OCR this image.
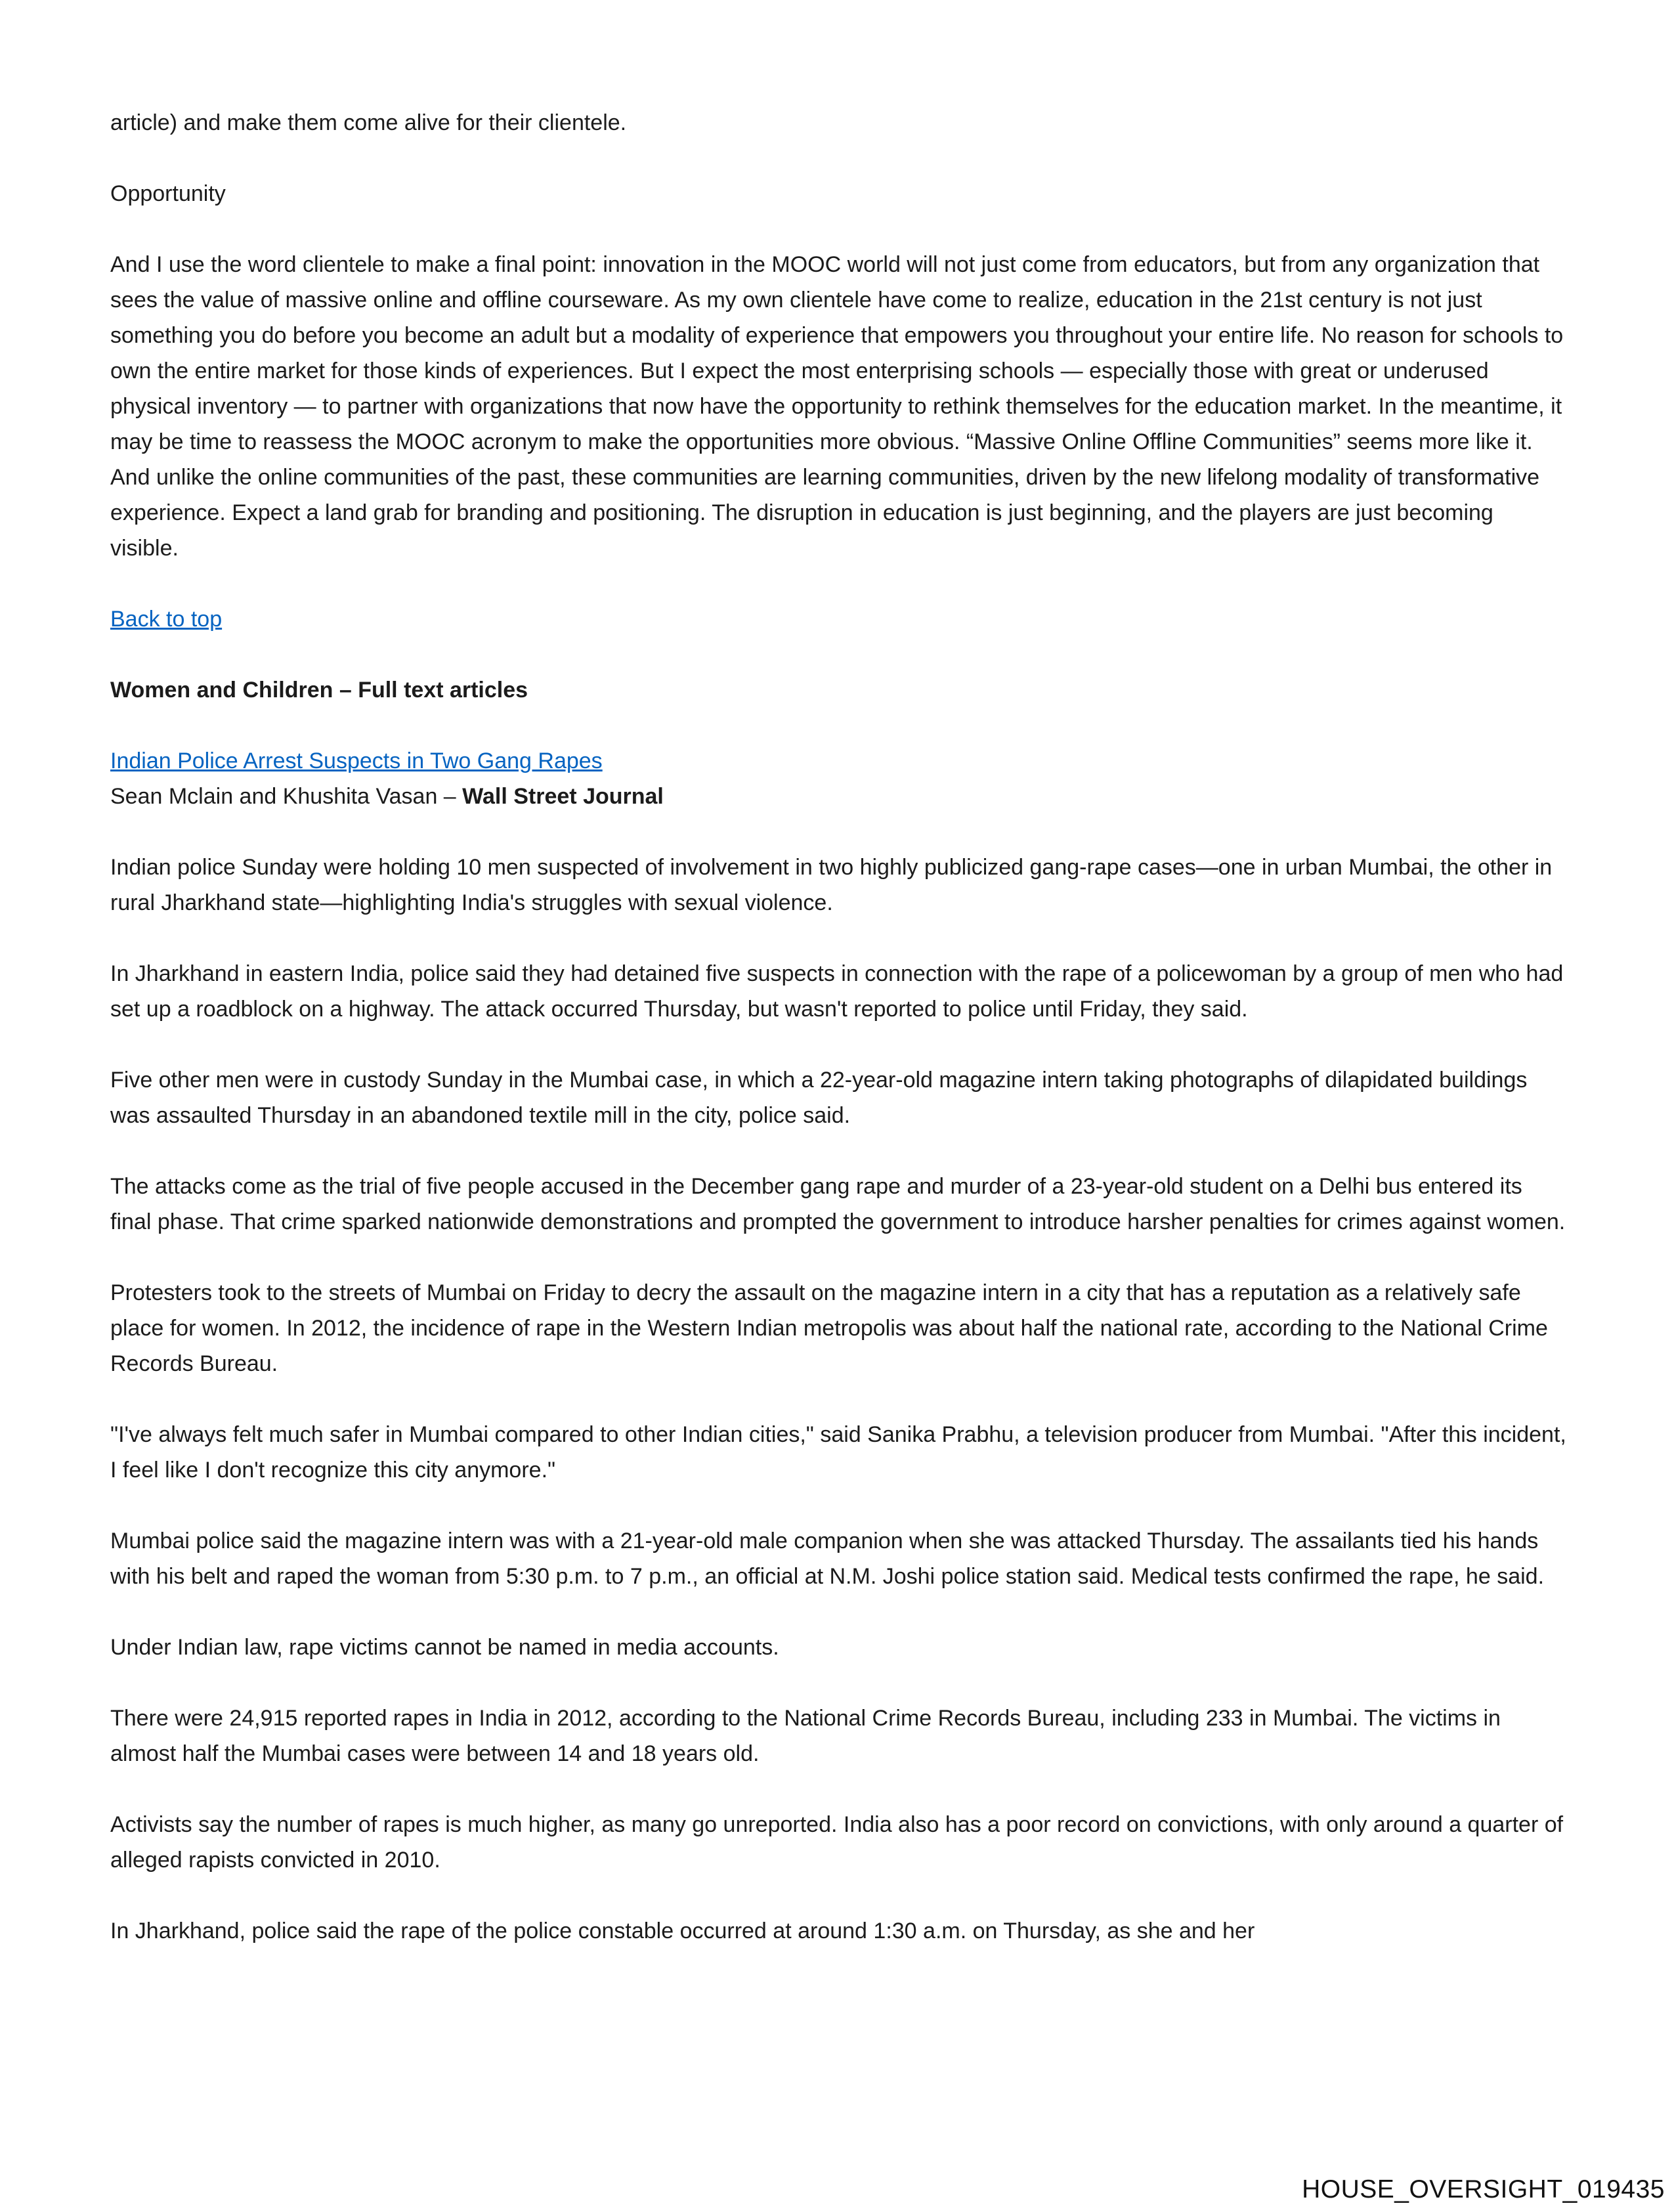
article) and make them come alive for their clientele.

Opportunity

And I use the word clientele to make a final point: innovation in the MOOC world will not just come from educators, but from any organization that sees the value of massive online and offline courseware. As my own clientele have come to realize, education in the 21st century is not just something you do before you become an adult but a modality of experience that empowers you throughout your entire life. No reason for schools to own the entire market for those kinds of experiences. But I expect the most enterprising schools — especially those with great or underused physical inventory — to partner with organizations that now have the opportunity to rethink themselves for the education market. In the meantime, it may be time to reassess the MOOC acronym to make the opportunities more obvious. “Massive Online Offline Communities” seems more like it. And unlike the online communities of the past, these communities are learning communities, driven by the new lifelong modality of transformative experience. Expect a land grab for branding and positioning. The disruption in education is just beginning, and the players are just becoming visible.

Back to top

Women and Children – Full text articles

Indian Police Arrest Suspects in Two Gang Rapes

Sean Mclain and Khushita Vasan – Wall Street Journal

Indian police Sunday were holding 10 men suspected of involvement in two highly publicized gang-rape cases—one in urban Mumbai, the other in rural Jharkhand state—highlighting India's struggles with sexual violence.

In Jharkhand in eastern India, police said they had detained five suspects in connection with the rape of a policewoman by a group of men who had set up a roadblock on a highway. The attack occurred Thursday, but wasn't reported to police until Friday, they said.

Five other men were in custody Sunday in the Mumbai case, in which a 22-year-old magazine intern taking photographs of dilapidated buildings was assaulted Thursday in an abandoned textile mill in the city, police said.

The attacks come as the trial of five people accused in the December gang rape and murder of a 23-year-old student on a Delhi bus entered its final phase. That crime sparked nationwide demonstrations and prompted the government to introduce harsher penalties for crimes against women.

Protesters took to the streets of Mumbai on Friday to decry the assault on the magazine intern in a city that has a reputation as a relatively safe place for women. In 2012, the incidence of rape in the Western Indian metropolis was about half the national rate, according to the National Crime Records Bureau.

"I've always felt much safer in Mumbai compared to other Indian cities," said Sanika Prabhu, a television producer from Mumbai. "After this incident, I feel like I don't recognize this city anymore."

Mumbai police said the magazine intern was with a 21-year-old male companion when she was attacked Thursday. The assailants tied his hands with his belt and raped the woman from 5:30 p.m. to 7 p.m., an official at N.M. Joshi police station said. Medical tests confirmed the rape, he said.

Under Indian law, rape victims cannot be named in media accounts.

There were 24,915 reported rapes in India in 2012, according to the National Crime Records Bureau, including 233 in Mumbai. The victims in almost half the Mumbai cases were between 14 and 18 years old.

Activists say the number of rapes is much higher, as many go unreported. India also has a poor record on convictions, with only around a quarter of alleged rapists convicted in 2010.

In Jharkhand, police said the rape of the police constable occurred at around 1:30 a.m. on Thursday, as she and her

HOUSE_OVERSIGHT_019435
